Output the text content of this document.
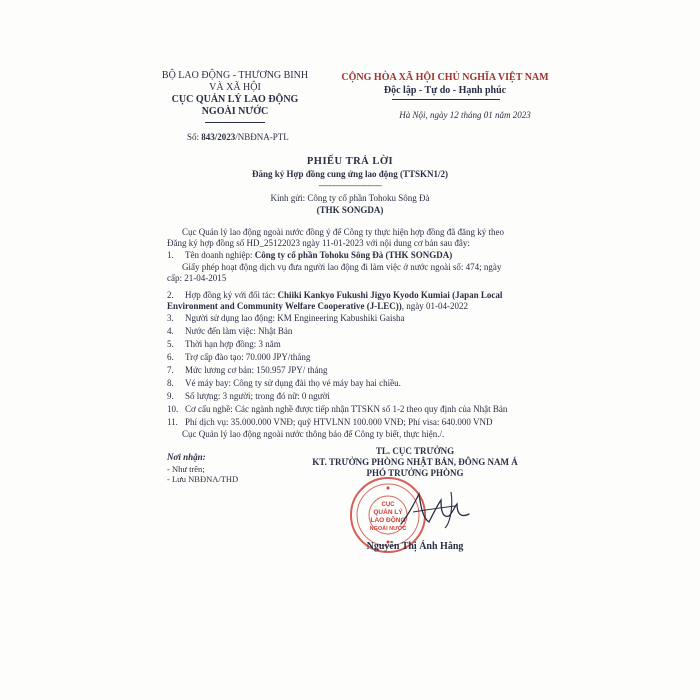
BỘ LAO ĐỘNG - THƯƠNG BINH
VÀ XÃ HỘI
CỤC QUẢN LÝ LAO ĐỘNG
NGOÀI NƯỚC
Số: 843/2023/NBĐNA-PTL
CỘNG HÒA XÃ HỘI CHỦ NGHĨA VIỆT NAM
Độc lập - Tự do - Hạnh phúc
Hà Nội, ngày 12 tháng 01 năm 2023
PHIẾU TRẢ LỜI
Đăng ký Hợp đồng cung ứng lao động (TTSKN1/2)
---------------------------
Kính gửi: Công ty cổ phần Tohoku Sông Đà
(THK SONGDA)
Cục Quản lý lao động ngoài nước đồng ý để Công ty thực hiện hợp đồng đã đăng ký theo
Đăng ký hợp đồng số HD_25122023 ngày 11-01-2023 với nội dung cơ bản sau đây:
1. Tên doanh nghiệp: Công ty cổ phần Tohoku Sông Đà (THK SONGDA)
Giấy phép hoạt động dịch vụ đưa người lao động đi làm việc ở nước ngoài số: 474; ngày
cấp: 21-04-2015
2. Hợp đồng ký với đối tác: Chiiki Kankyo Fukushi Jigyo Kyodo Kumiai (Japan Local
Environment and Community Welfare Cooperative (J-LEC)), ngày 01-04-2022
3. Người sử dụng lao động: KM Engineering Kabushiki Gaisha
4. Nước đến làm việc: Nhật Bản
5. Thời hạn hợp đồng: 3 năm
6. Trợ cấp đào tạo: 70.000 JPY/tháng
7. Mức lương cơ bản: 150.957 JPY/ tháng
8. Vé máy bay: Công ty sử dụng đài thọ vé máy bay hai chiều.
9. Số lượng: 3 người; trong đó nữ: 0 người
10. Cơ cấu nghề: Các ngành nghề được tiếp nhận TTSKN số 1-2 theo quy định của Nhật Bản
11. Phí dịch vụ: 35.000.000 VNĐ; quỹ HTVLNN 100.000 VNĐ; Phí visa: 640.000 VND
Cục Quản lý lao động ngoài nước thông báo để Công ty biết, thực hiện./.
Nơi nhận:
- Như trên;
- Lưu NBĐNA/THD
TL. CỤC TRƯỞNG
KT. TRƯỞNG PHÒNG NHẬT BẢN, ĐÔNG NAM Á
PHÓ TRƯỞNG PHÒNG
CỤC
QUẢN LÝ
LAO ĐỘNG
NGOÀI NƯỚC
Nguyễn Thị Ánh Hằng
